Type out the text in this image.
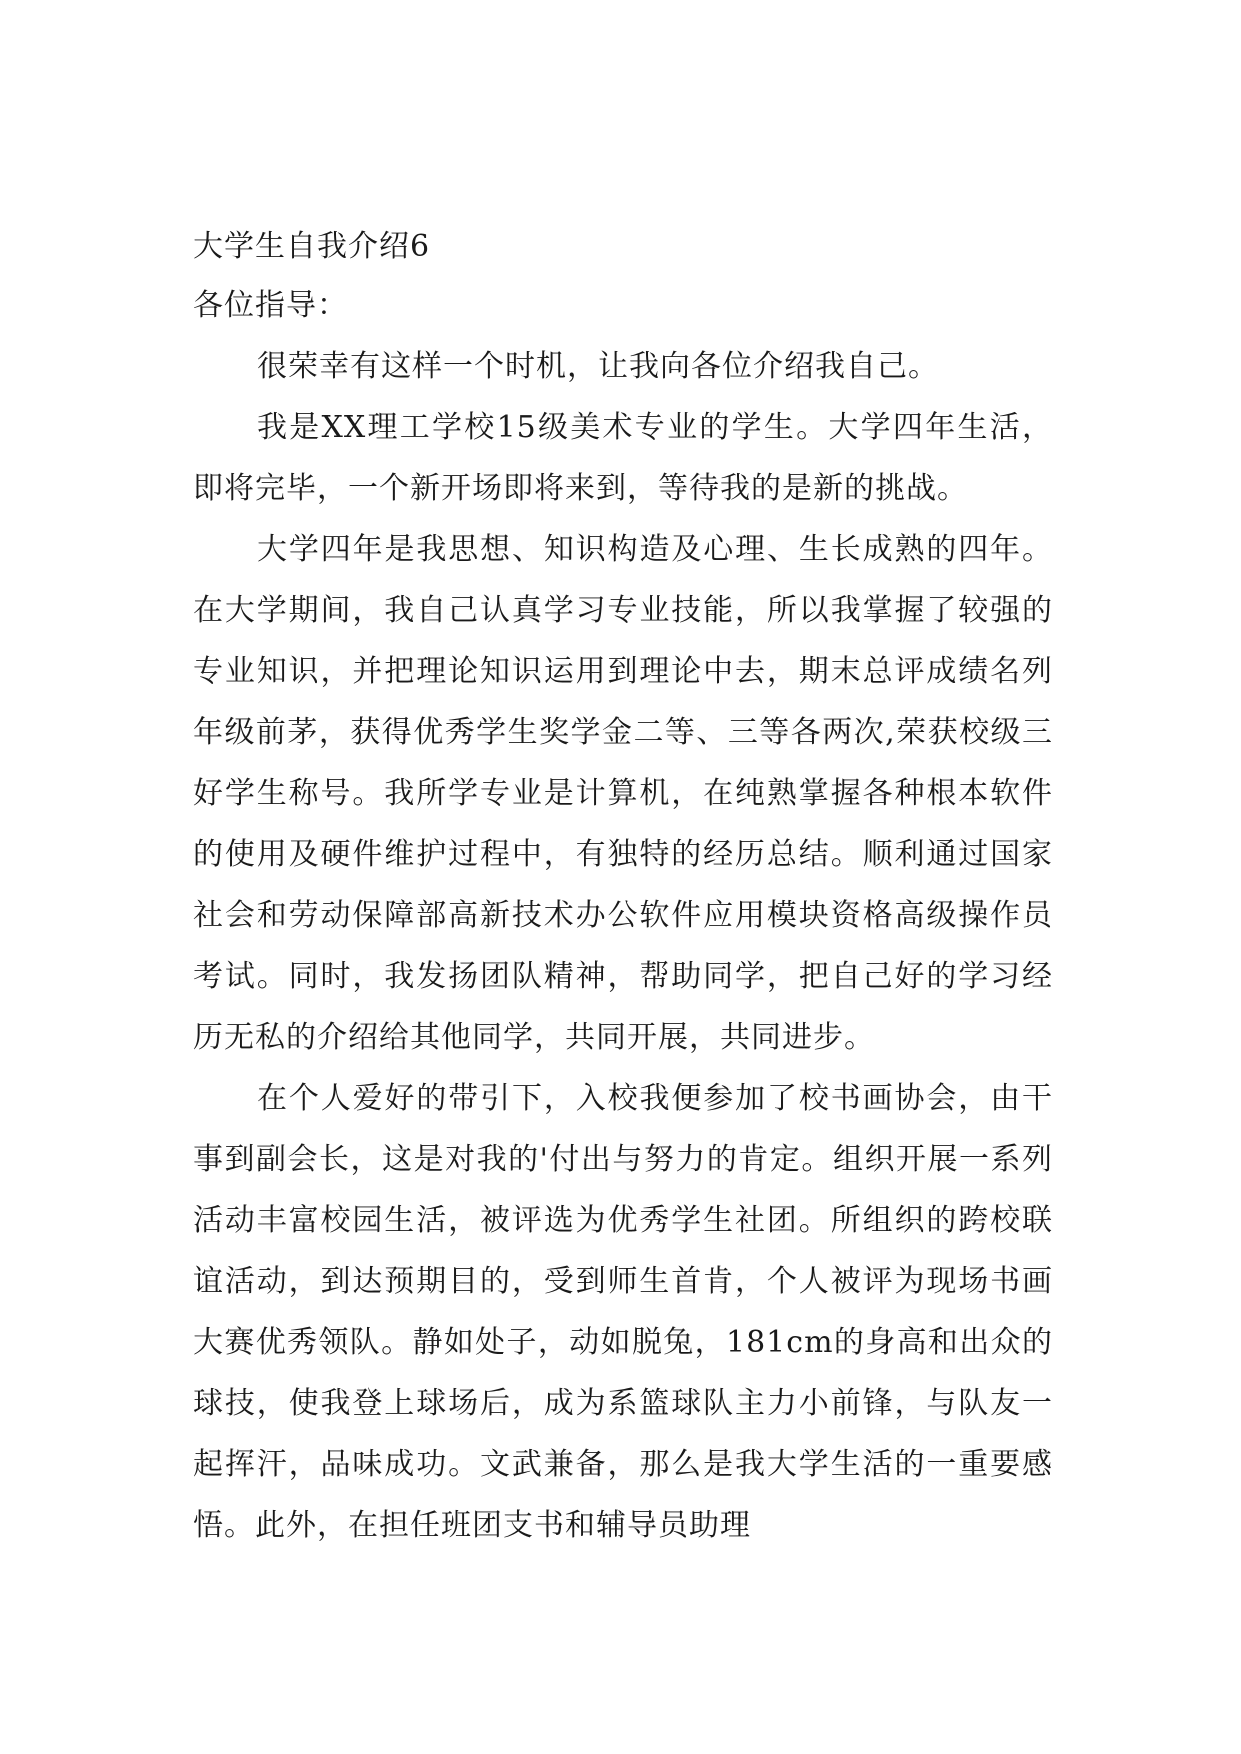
大学生自我介绍6

各位指导：

很荣幸有这样一个时机，让我向各位介绍我自己。

我是XX理工学校15级美术专业的学生。大学四年生活，即将完毕，一个新开场即将来到，等待我的是新的挑战。

大学四年是我思想、知识构造及心理、生长成熟的四年。在大学期间，我自己认真学习专业技能，所以我掌握了较强的专业知识，并把理论知识运用到理论中去，期末总评成绩名列年级前茅，获得优秀学生奖学金二等、三等各两次,荣获校级三好学生称号。我所学专业是计算机，在纯熟掌握各种根本软件的使用及硬件维护过程中，有独特的经历总结。顺利通过国家社会和劳动保障部高新技术办公软件应用模块资格高级操作员考试。同时，我发扬团队精神，帮助同学，把自己好的学习经历无私的介绍给其他同学，共同开展，共同进步。

在个人爱好的带引下，入校我便参加了校书画协会，由干事到副会长，这是对我的'付出与努力的肯定。组织开展一系列活动丰富校园生活，被评选为优秀学生社团。所组织的跨校联谊活动，到达预期目的，受到师生首肯，个人被评为现场书画大赛优秀领队。静如处子，动如脱兔，181cm的身高和出众的球技，使我登上球场后，成为系篮球队主力小前锋，与队友一起挥汗，品味成功。文武兼备，那么是我大学生活的一重要感悟。此外，在担任班团支书和辅导员助理
